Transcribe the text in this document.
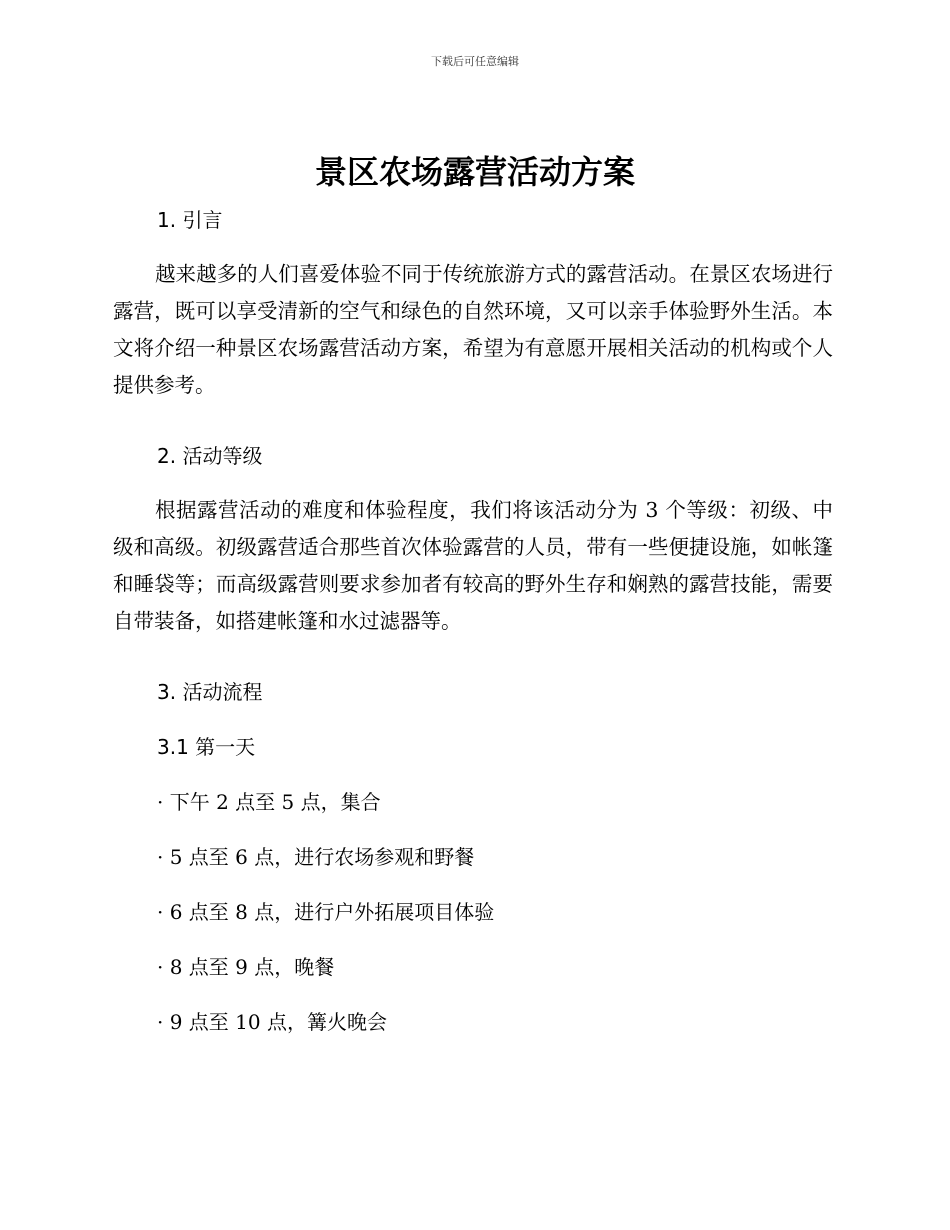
下载后可任意编辑
景区农场露营活动方案
1. 引言

越来越多的人们喜爱体验不同于传统旅游方式的露营活动。在景区农场进行露营，既可以享受清新的空气和绿色的自然环境，又可以亲手体验野外生活。本文将介绍一种景区农场露营活动方案，希望为有意愿开展相关活动的机构或个人提供参考。

2. 活动等级

根据露营活动的难度和体验程度，我们将该活动分为 3 个等级：初级、中级和高级。初级露营适合那些首次体验露营的人员，带有一些便捷设施，如帐篷和睡袋等；而高级露营则要求参加者有较高的野外生存和娴熟的露营技能，需要自带装备，如搭建帐篷和水过滤器等。

3. 活动流程
3.1 第一天

· 下午 2 点至 5 点，集合

· 5 点至 6 点，进行农场参观和野餐

· 6 点至 8 点，进行户外拓展项目体验

· 8 点至 9 点，晚餐

· 9 点至 10 点，篝火晚会
